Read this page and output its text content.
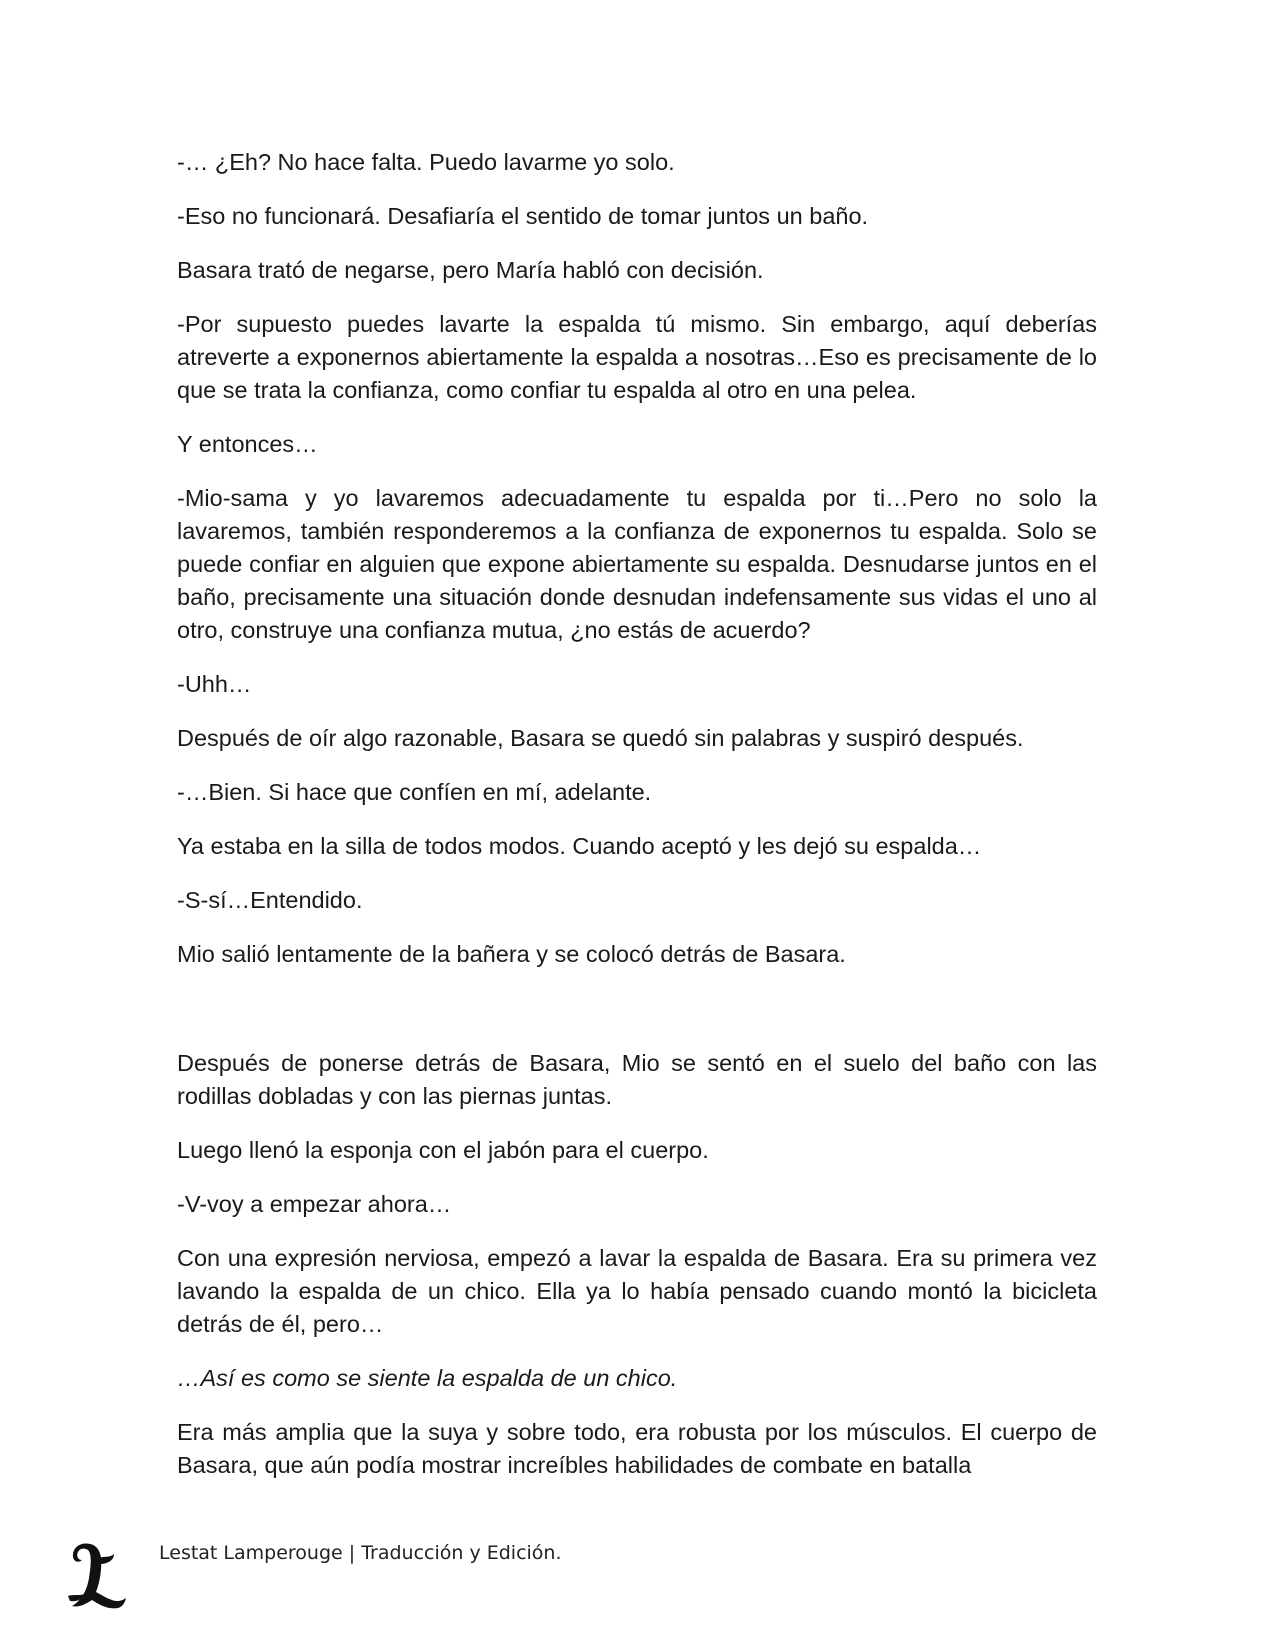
-… ¿Eh? No hace falta. Puedo lavarme yo solo.

-Eso no funcionará. Desafiaría el sentido de tomar juntos un baño.

Basara trató de negarse, pero María habló con decisión.

-Por supuesto puedes lavarte la espalda tú mismo. Sin embargo, aquí deberías atreverte a exponernos abiertamente la espalda a nosotras…Eso es precisamente de lo que se trata la confianza, como confiar tu espalda al otro en una pelea.

Y entonces…

-Mio-sama y yo lavaremos adecuadamente tu espalda por ti…Pero no solo la lavaremos, también responderemos a la confianza de exponernos tu espalda. Solo se puede confiar en alguien que expone abiertamente su espalda. Desnudarse juntos en el baño, precisamente una situación donde desnudan indefensamente sus vidas el uno al otro, construye una confianza mutua, ¿no estás de acuerdo?

-Uhh…

Después de oír algo razonable, Basara se quedó sin palabras y suspiró después.

-…Bien. Si hace que confíen en mí, adelante.

Ya estaba en la silla de todos modos. Cuando aceptó y les dejó su espalda…

-S-sí…Entendido.

Mio salió lentamente de la bañera y se colocó detrás de Basara.

Después de ponerse detrás de Basara, Mio se sentó en el suelo del baño con las rodillas dobladas y con las piernas juntas.

Luego llenó la esponja con el jabón para el cuerpo.

-V-voy a empezar ahora…

Con una expresión nerviosa, empezó a lavar la espalda de Basara. Era su primera vez lavando la espalda de un chico. Ella ya lo había pensado cuando montó la bicicleta detrás de él, pero…

…Así es como se siente la espalda de un chico.

Era más amplia que la suya y sobre todo, era robusta por los músculos. El cuerpo de Basara, que aún podía mostrar increíbles habilidades de combate en batalla

Lestat Lamperouge | Traducción y Edición.
